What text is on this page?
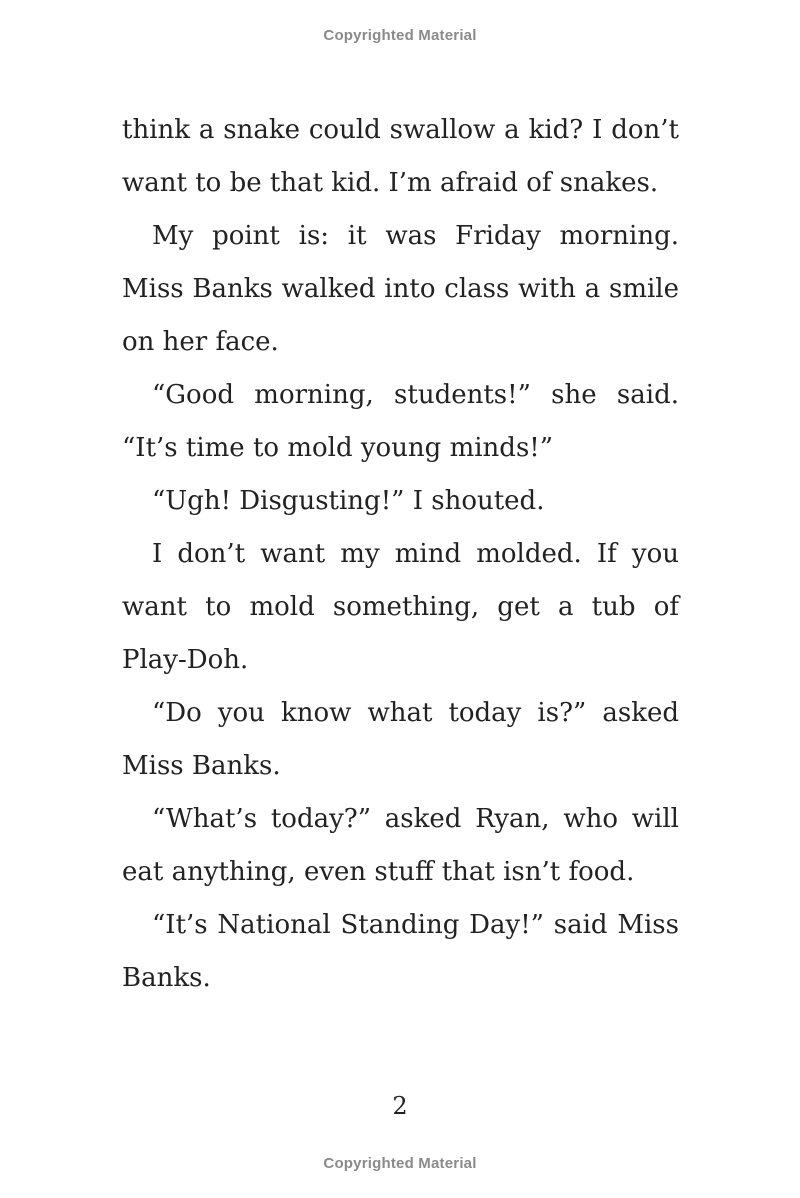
Copyrighted Material

think a snake could swallow a kid? I don’t want to be that kid. I’m afraid of snakes.

My point is: it was Friday morning. Miss Banks walked into class with a smile on her face.

“Good morning, students!” she said. “It’s time to mold young minds!”

“Ugh! Disgusting!” I shouted.

I don’t want my mind molded. If you want to mold something, get a tub of Play-Doh.

“Do you know what today is?” asked Miss Banks.

“What’s today?” asked Ryan, who will eat anything, even stuff that isn’t food.

“It’s National Standing Day!” said Miss Banks.

2
Copyrighted Material
